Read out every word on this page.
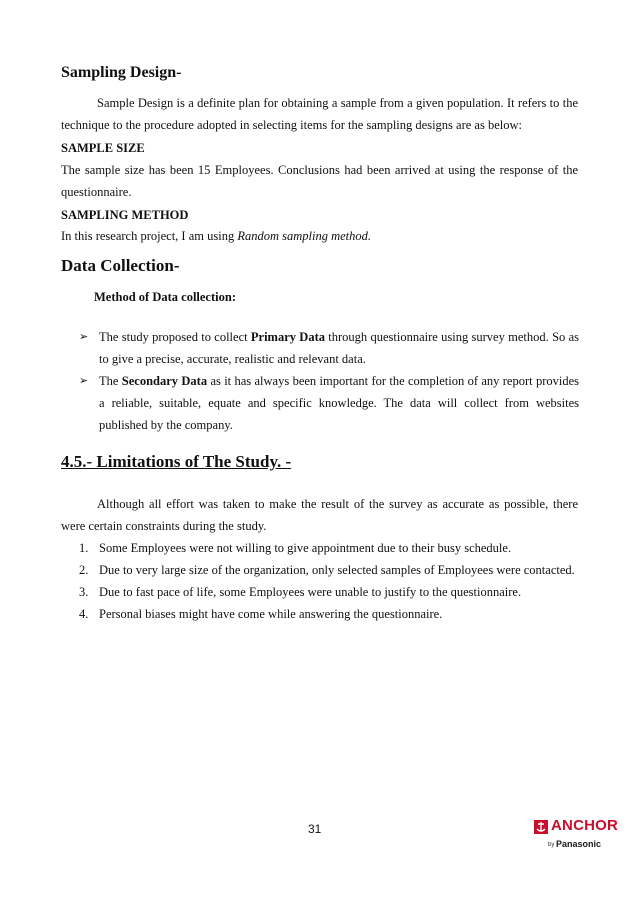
Sampling Design-

Sample Design is a definite plan for obtaining a sample from a given population. It refers to the technique to the procedure adopted in selecting items for the sampling designs are as below:

SAMPLE SIZE

The sample size has been 15 Employees. Conclusions had been arrived at using the response of the questionnaire.

SAMPLING METHOD

In this research project, I am using Random sampling method.

Data Collection-

Method of Data collection:

➢ The study proposed to collect Primary Data through questionnaire using survey method. So as to give a precise, accurate, realistic and relevant data.
➢ The Secondary Data as it has always been important for the completion of any report provides a reliable, suitable, equate and specific knowledge. The data will collect from websites published by the company.
4.5.- Limitations of The Study. -

Although all effort was taken to make the result of the survey as accurate as possible, there were certain constraints during the study.

1. Some Employees were not willing to give appointment due to their busy schedule.
2. Due to very large size of the organization, only selected samples of Employees were contacted.
3. Due to fast pace of life, some Employees were unable to justify to the questionnaire.
4. Personal biases might have come while answering the questionnaire.
31	ANCHOR
by Panasonic
